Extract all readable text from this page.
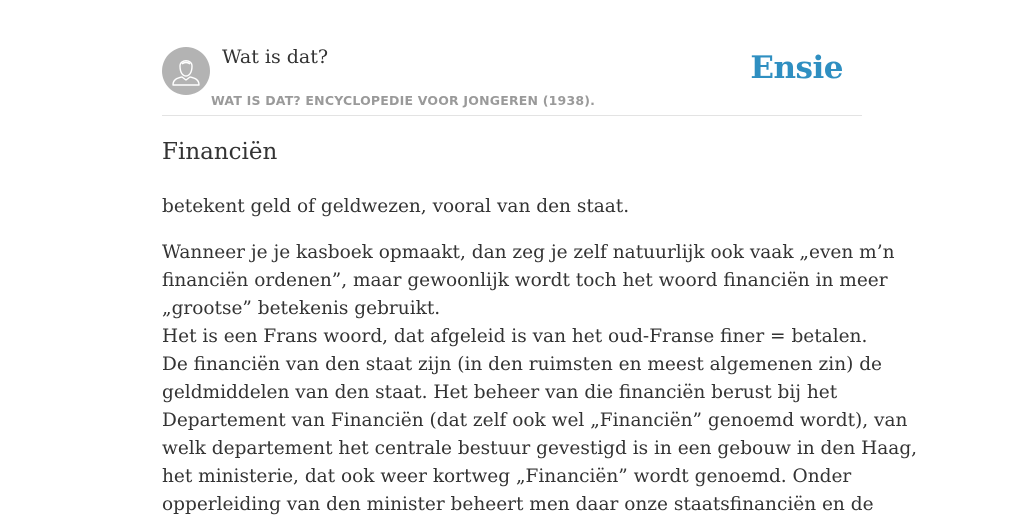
Wat is dat?
WAT IS DAT? ENCYCLOPEDIE VOOR JONGEREN (1938).
Ensie
Financiën

betekent geld of geldwezen, vooral van den staat.

Wanneer je je kasboek opmaakt, dan zeg je zelf natuurlijk ook vaak „even m’n
financiën ordenen”, maar gewoonlijk wordt toch het woord financiën in meer
„grootse” betekenis gebruikt.
Het is een Frans woord, dat afgeleid is van het oud-Franse finer = betalen.
De financiën van den staat zijn (in den ruimsten en meest algemenen zin) de
geldmiddelen van den staat. Het beheer van die financiën berust bij het
Departement van Financiën (dat zelf ook wel „Financiën” genoemd wordt), van
welk departement het centrale bestuur gevestigd is in een gebouw in den Haag,
het ministerie, dat ook weer kortweg „Financiën” wordt genoemd. Onder
opperleiding van den minister beheert men daar onze staatsfinanciën en de
